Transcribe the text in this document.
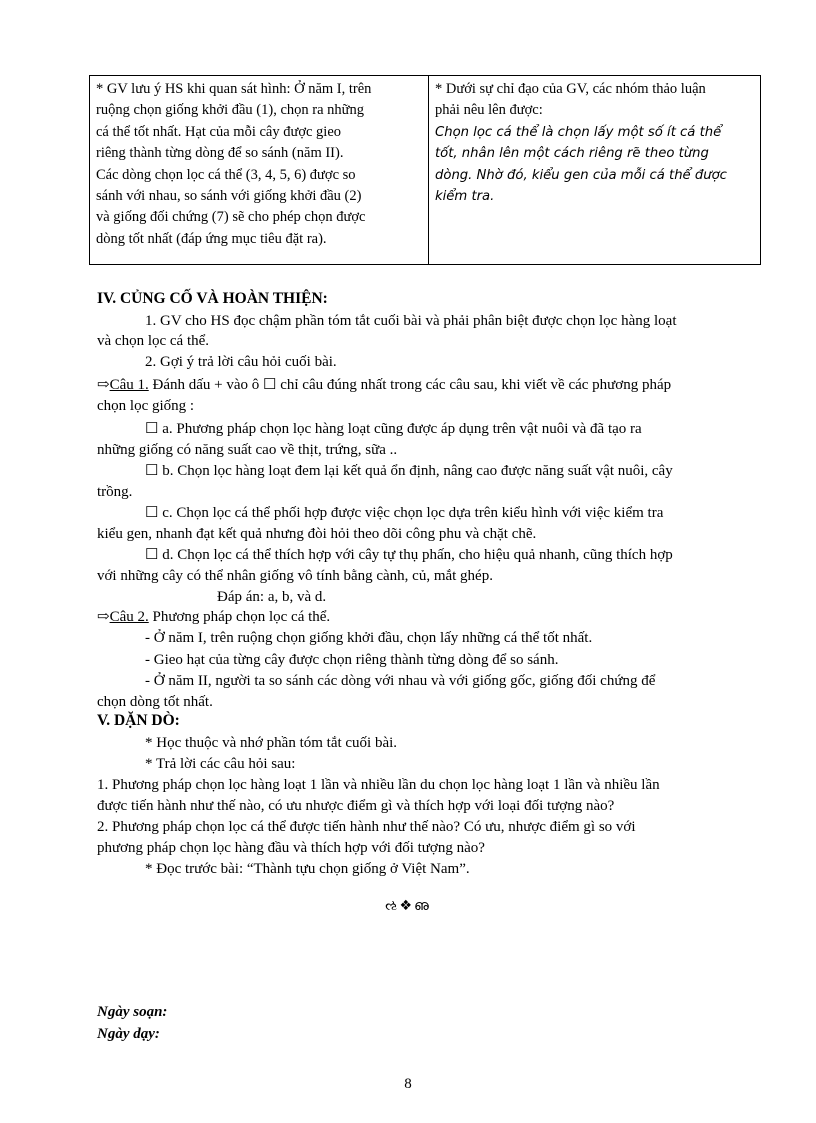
* GV lưu ý HS khi quan sát hình: Ở năm I, trên
ruộng chọn giống khởi đầu (1), chọn ra những
cá thể tốt nhất. Hạt của mỗi cây được gieo
riêng thành từng dòng để so sánh (năm II).
Các dòng chọn lọc cá thể (3, 4, 5, 6) được so
sánh với nhau, so sánh với giống khởi đầu (2)
và giống đối chứng (7) sẽ cho phép chọn được
dòng tốt nhất (đáp ứng mục tiêu đặt ra).
* Dưới sự chỉ đạo của GV, các nhóm thảo luận
phải nêu lên được:
Chọn lọc cá thể là chọn lấy một số ít cá thể
tốt, nhân lên một cách riêng rẽ theo từng
dòng. Nhờ đó, kiểu gen của mỗi cá thể được
kiểm tra.
IV. CỦNG CỐ VÀ HOÀN THIỆN:
1. GV cho HS đọc chậm phần tóm tắt cuối bài và phải phân biệt được chọn lọc hàng loạt
và chọn lọc cá thể.
2. Gợi ý trả lời câu hỏi cuối bài.
⇨Câu 1. Đánh dấu + vào ô ☐ chỉ câu đúng nhất trong các câu sau, khi viết về các phương pháp
chọn lọc giống :
☐ a. Phương pháp chọn lọc hàng loạt cũng được áp dụng trên vật nuôi và đã tạo ra
những giống có năng suất cao về thịt, trứng, sữa ..
☐ b. Chọn lọc hàng loạt đem lại kết quả ổn định, nâng cao được năng suất vật nuôi, cây
trồng.
☐ c. Chọn lọc cá thể phối hợp được việc chọn lọc dựa trên kiểu hình với việc kiểm tra
kiểu gen, nhanh đạt kết quả nhưng đòi hỏi theo dõi công phu và chặt chẽ.
☐ d. Chọn lọc cá thể thích hợp với cây tự thụ phấn, cho hiệu quả nhanh, cũng thích hợp
với những cây có thể nhân giống vô tính bằng cành, củ, mắt ghép.
Đáp án: a, b, và d.
⇨Câu 2. Phương pháp chọn lọc cá thể.
- Ở năm I, trên ruộng chọn giống khởi đầu, chọn lấy những cá thể tốt nhất.
- Gieo hạt của từng cây được chọn riêng thành từng dòng để so sánh.
- Ở năm II, người ta so sánh các dòng với nhau và với giống gốc, giống đối chứng để
chọn dòng tốt nhất.
V. DẶN DÒ:
* Học thuộc và nhớ phần tóm tắt cuối bài.
* Trả lời các câu hỏi sau:
1. Phương pháp chọn lọc hàng loạt 1 lần và nhiều lần du chọn lọc hàng loạt 1 lần và nhiều lần
được tiến hành như thế nào, có ưu nhược điểm gì và thích hợp với loại đối tượng nào?
2. Phương pháp chọn lọc cá thể được tiến hành như thế nào? Có ưu, nhược điểm gì so với
phương pháp chọn lọc hàng đầu và thích hợp với đối tượng nào?
* Đọc trước bài: “Thành tựu chọn giống ở Việt Nam”.
ઌ❖ഌ
Ngày soạn:
Ngày dạy:
8
